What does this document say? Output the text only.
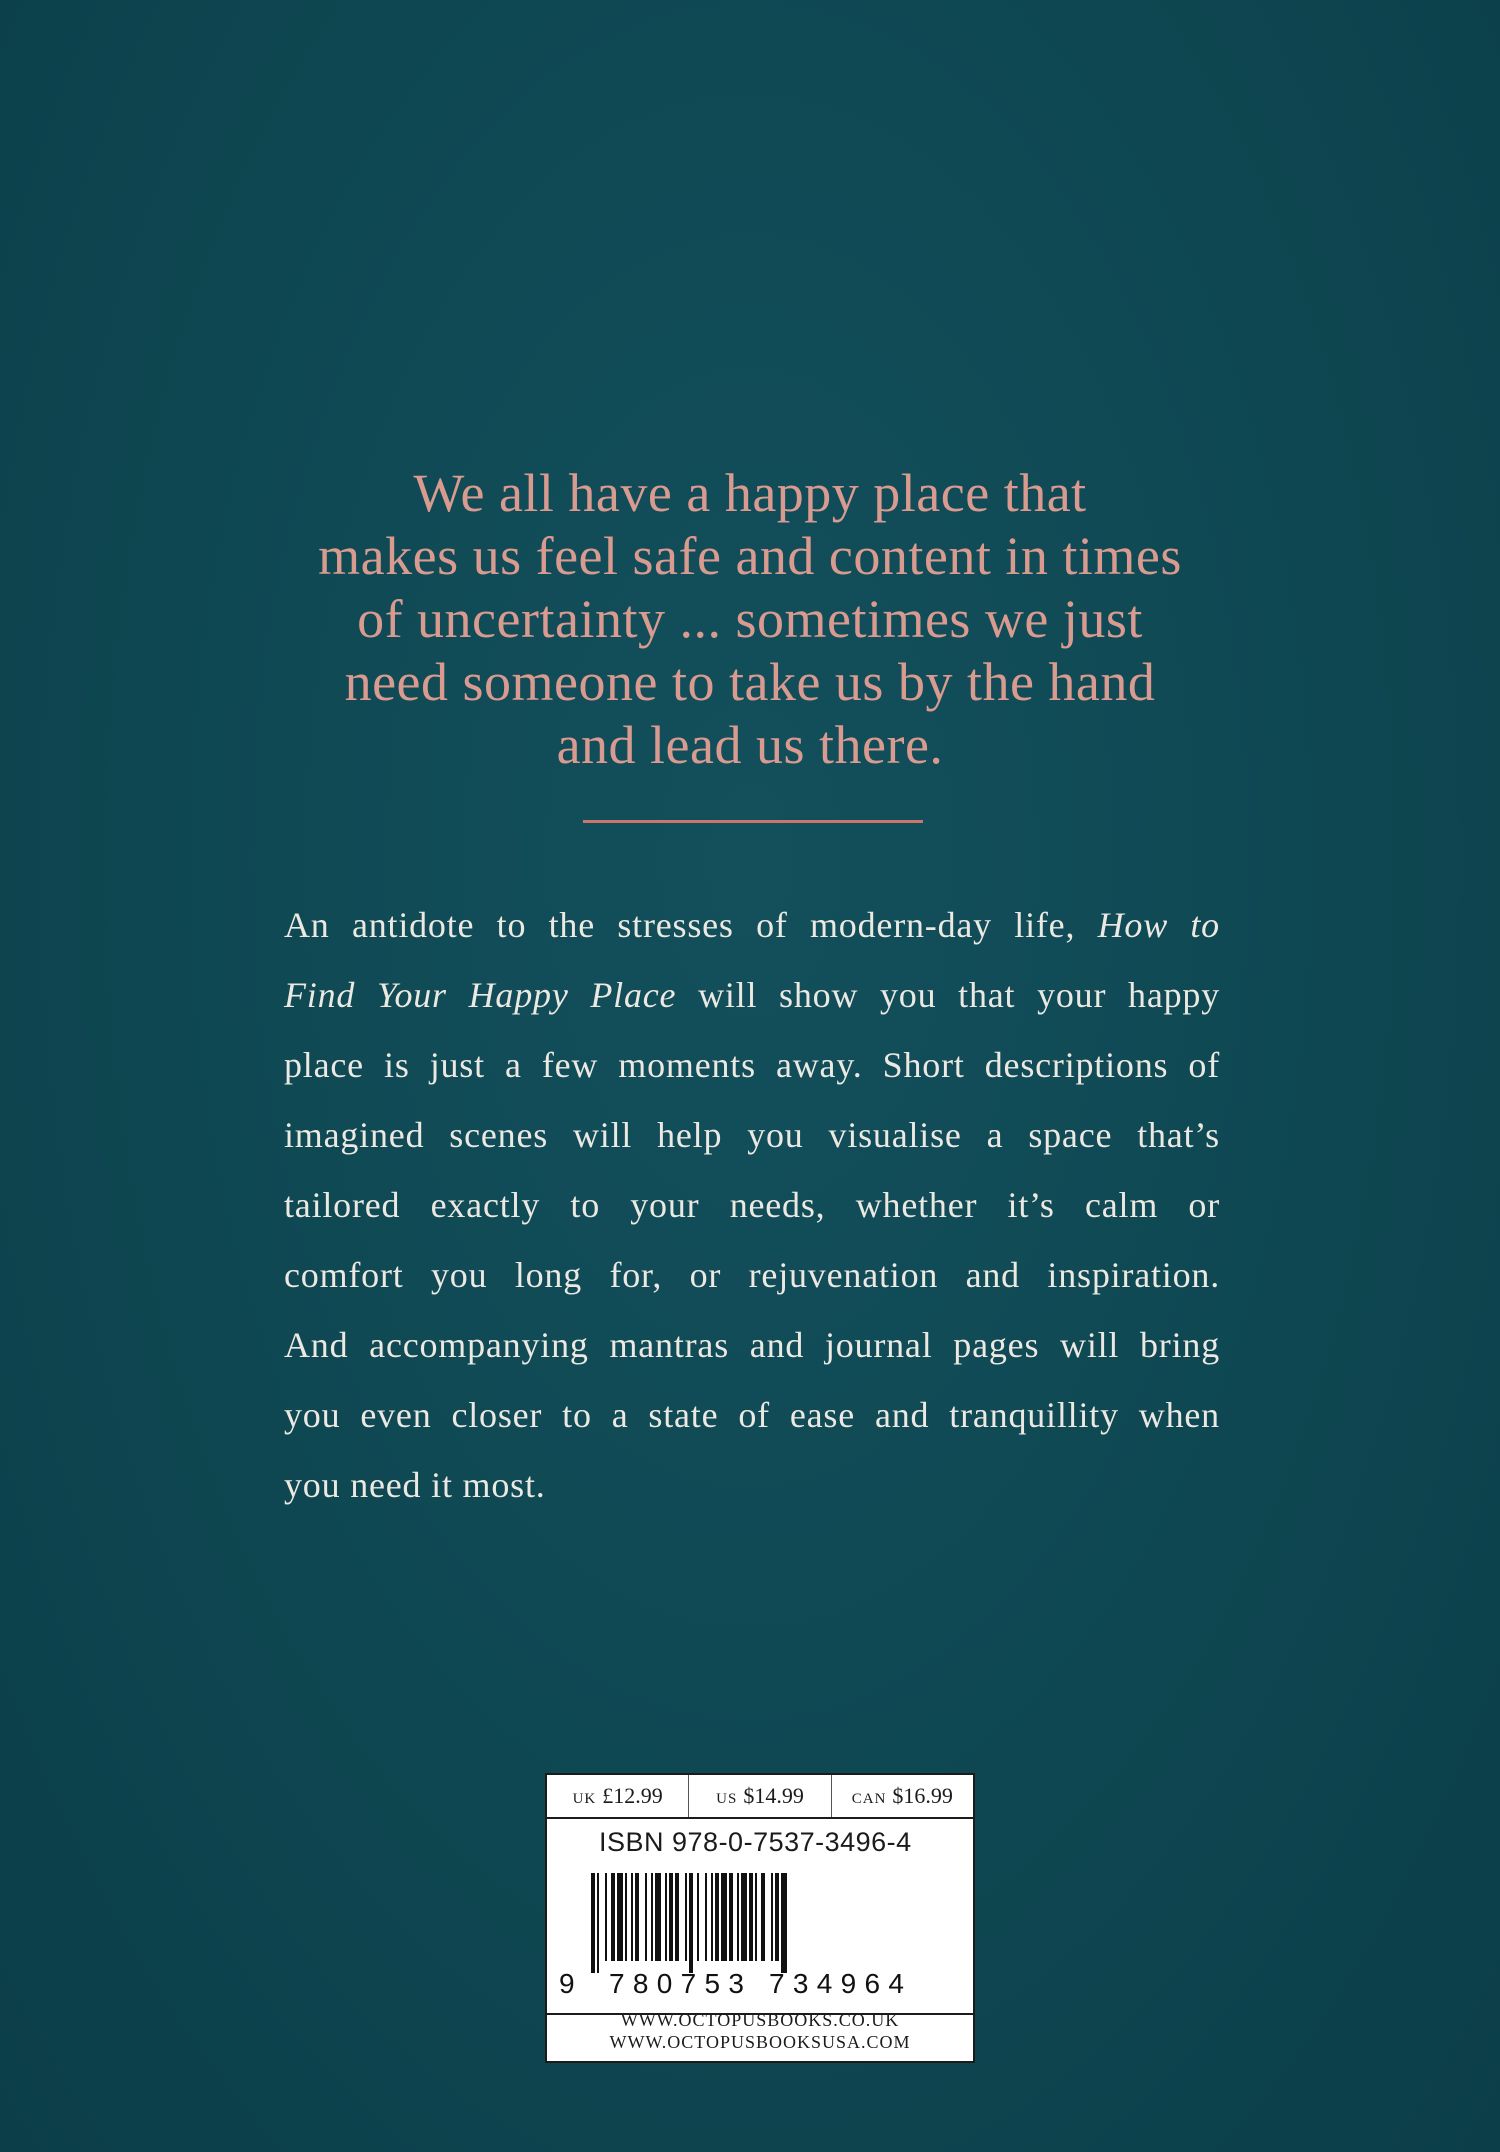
We all have a happy place that
makes us feel safe and content in times
of uncertainty ... sometimes we just
need someone to take us by the hand
and lead us there.
An antidote to the stresses of modern-day life, How to
Find Your Happy Place will show you that your happy
place is just a few moments away. Short descriptions of
imagined scenes will help you visualise a space that’s
tailored exactly to your needs, whether it’s calm or
comfort you long for, or rejuvenation and inspiration.
And accompanying mantras and journal pages will bring
you even closer to a state of ease and tranquillity when
you need it most.
UK £12.99	US $14.99	CAN $16.99
ISBN 978-0-7537-3496-4
9 780753 734964
WWW.OCTOPUSBOOKS.CO.UK
WWW.OCTOPUSBOOKSUSA.COM
